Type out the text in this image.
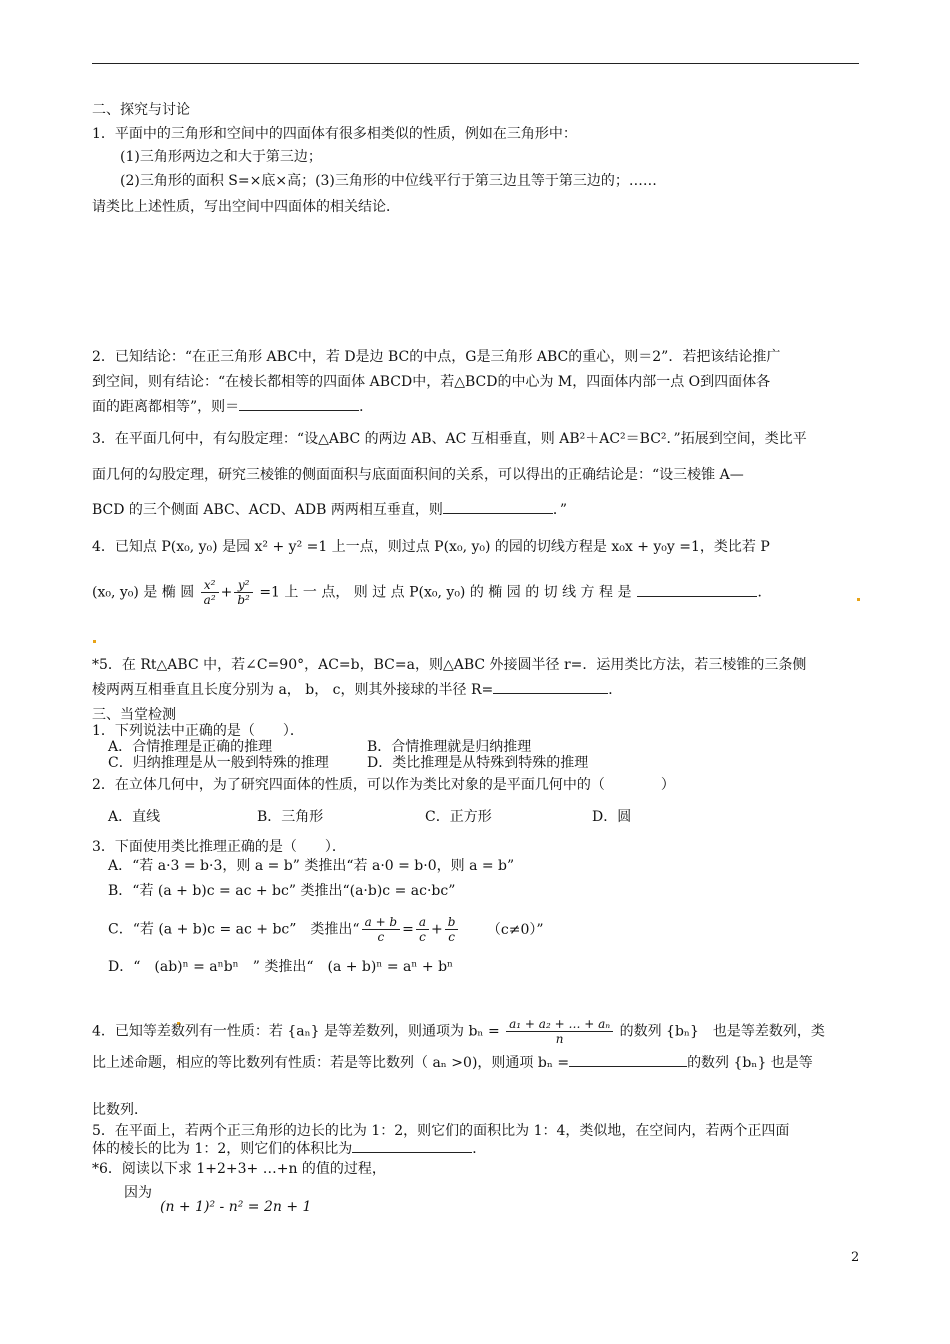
二、探究与讨论
1．平面中的三角形和空间中的四面体有很多相类似的性质，例如在三角形中：
(1)三角形两边之和大于第三边；
(2)三角形的面积 S=×底×高；(3)三角形的中位线平行于第三边且等于第三边的；……
请类比上述性质，写出空间中四面体的相关结论．
2．已知结论：“在正三角形 ABC中，若 D是边 BC的中点，G是三角形 ABC的重心，则＝2”．若把该结论推广
到空间，则有结论：“在棱长都相等的四面体 ABCD中，若△BCD的中心为 M，四面体内部一点 O到四面体各
面的距离都相等”，则＝	．
3．在平面几何中，有勾股定理：“设△ABC 的两边 AB、AC 互相垂直，则 AB²＋AC²＝BC²．”拓展到空间，类比平
面几何的勾股定理，研究三棱锥的侧面面积与底面面积间的关系，可以得出的正确结论是：“设三棱锥 A—
BCD 的三个侧面 ABC、ACD、ADB 两两相互垂直，则	．”
4．已知点 P(x₀, y₀) 是园 x² + y² =1 上一点，则过点 P(x₀, y₀) 的园的切线方程是 x₀x + y₀y =1，类比若 P
(x₀, y₀) 是 椭 圆 $\frac{\text{x²}}{\text{a²}} + \frac{\text{y²}}{\text{b²}} =1$ 上 一 点， 则 过 点 P(x₀, y₀) 的 椭 园 的 切 线 方 程 是	．
*5．在 Rt△ABC 中，若∠C=90°，AC=b，BC=a，则△ABC 外接圆半径 r=．运用类比方法，若三棱锥的三条侧
棱两两互相垂直且长度分别为 a， b， c，则其外接球的半径 R=	．
三、当堂检测
1．下列说法中正确的是（　　）．
A．合情推理是正确的推理	B．合情推理就是归纳推理
C．归纳推理是从一般到特殊的推理	D．类比推理是从特殊到特殊的推理
2．在立体几何中，为了研究四面体的性质，可以作为类比对象的是平面几何中的（　　　　）
A．直线	B．三角形	C．正方形	D．圆
3．下面使用类比推理正确的是（　　）．
A．“若 a·3 = b·3，则 a = b” 类推出“若 a·0 = b·0，则 a = b”
B．“若 (a + b)c = ac + bc” 类推出“(a·b)c = ac·bc”
C．“若 (a + b)c = ac + bc”　类推出“ $\frac{a + b}{c} = \frac{a}{c} + \frac{b}{c} (c\ne 0)$”
D．“　(ab)ⁿ = aⁿbⁿ　” 类推出“　(a + b)ⁿ = aⁿ + bⁿ
4．已知等差数列有一性质：若 {aₙ} 是等差数列，则通项为 $b_n = \frac{\text{a₁ + a₂ + … + aₙ}}{n}$ 的数列 {bₙ}　也是等差数列，类
比上述命题，相应的等比数列有性质：若是等比数列（ aₙ >0)，则通项 bₙ =	的数列 {bₙ} 也是等
比数列．
5．在平面上，若两个正三角形的边长的比为 1：2，则它们的面积比为 1：4，类似地，在空间内，若两个正四面
体的棱长的比为 1：2，则它们的体积比为	．
*6．阅读以下求 1+2+3+ …+n 的值的过程，
因为
(n + 1)² - n² = 2n + 1
2
